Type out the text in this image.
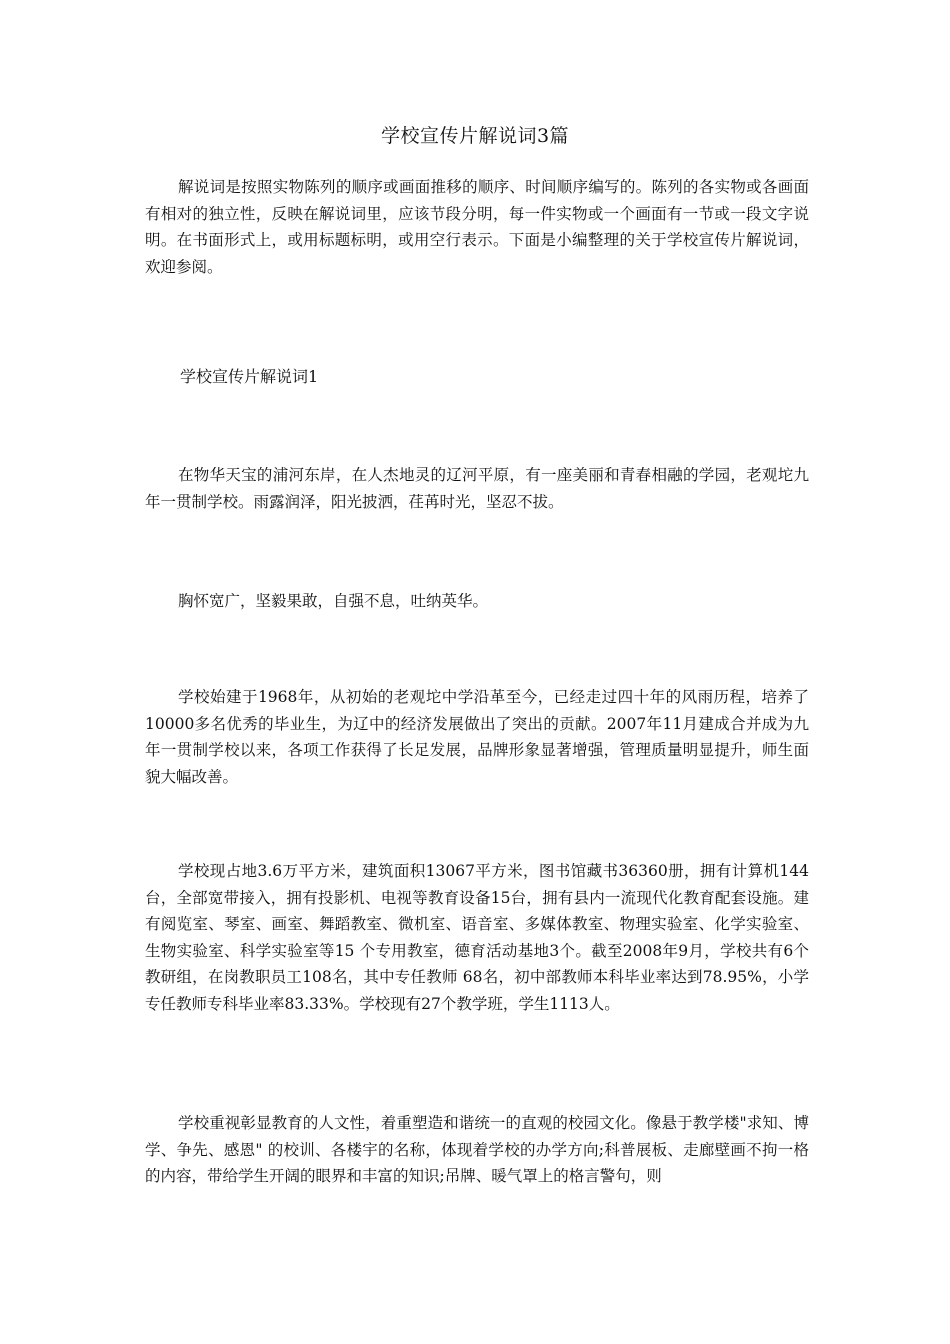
学校宣传片解说词3篇

解说词是按照实物陈列的顺序或画面推移的顺序、时间顺序编写的。陈列的各实物或各画面有相对的独立性，反映在解说词里，应该节段分明，每一件实物或一个画面有一节或一段文字说明。在书面形式上，或用标题标明，或用空行表示。下面是小编整理的关于学校宣传片解说词，欢迎参阅。

学校宣传片解说词1

在物华天宝的浦河东岸，在人杰地灵的辽河平原，有一座美丽和青春相融的学园，老观坨九年一贯制学校。雨露润泽，阳光披洒，荏苒时光，坚忍不拔。

胸怀宽广，坚毅果敢，自强不息，吐纳英华。

学校始建于1968年，从初始的老观坨中学沿革至今，已经走过四十年的风雨历程，培养了10000多名优秀的毕业生，为辽中的经济发展做出了突出的贡献。2007年11月建成合并成为九年一贯制学校以来，各项工作获得了长足发展，品牌形象显著增强，管理质量明显提升，师生面貌大幅改善。

学校现占地3.6万平方米，建筑面积13067平方米，图书馆藏书36360册，拥有计算机144台，全部宽带接入，拥有投影机、电视等教育设备15台，拥有县内一流现代化教育配套设施。建有阅览室、琴室、画室、舞蹈教室、微机室、语音室、多媒体教室、物理实验室、化学实验室、生物实验室、科学实验室等15 个专用教室，德育活动基地3个。截至2008年9月，学校共有6个教研组，在岗教职员工108名，其中专任教师 68名，初中部教师本科毕业率达到78.95%，小学专任教师专科毕业率83.33%。学校现有27个教学班，学生1113人。

学校重视彰显教育的人文性，着重塑造和谐统一的直观的校园文化。像悬于教学楼"求知、博学、争先、感恩" 的校训、各楼宇的名称，体现着学校的办学方向;科普展板、走廊壁画不拘一格的内容，带给学生开阔的眼界和丰富的知识;吊牌、暖气罩上的格言警句，则
